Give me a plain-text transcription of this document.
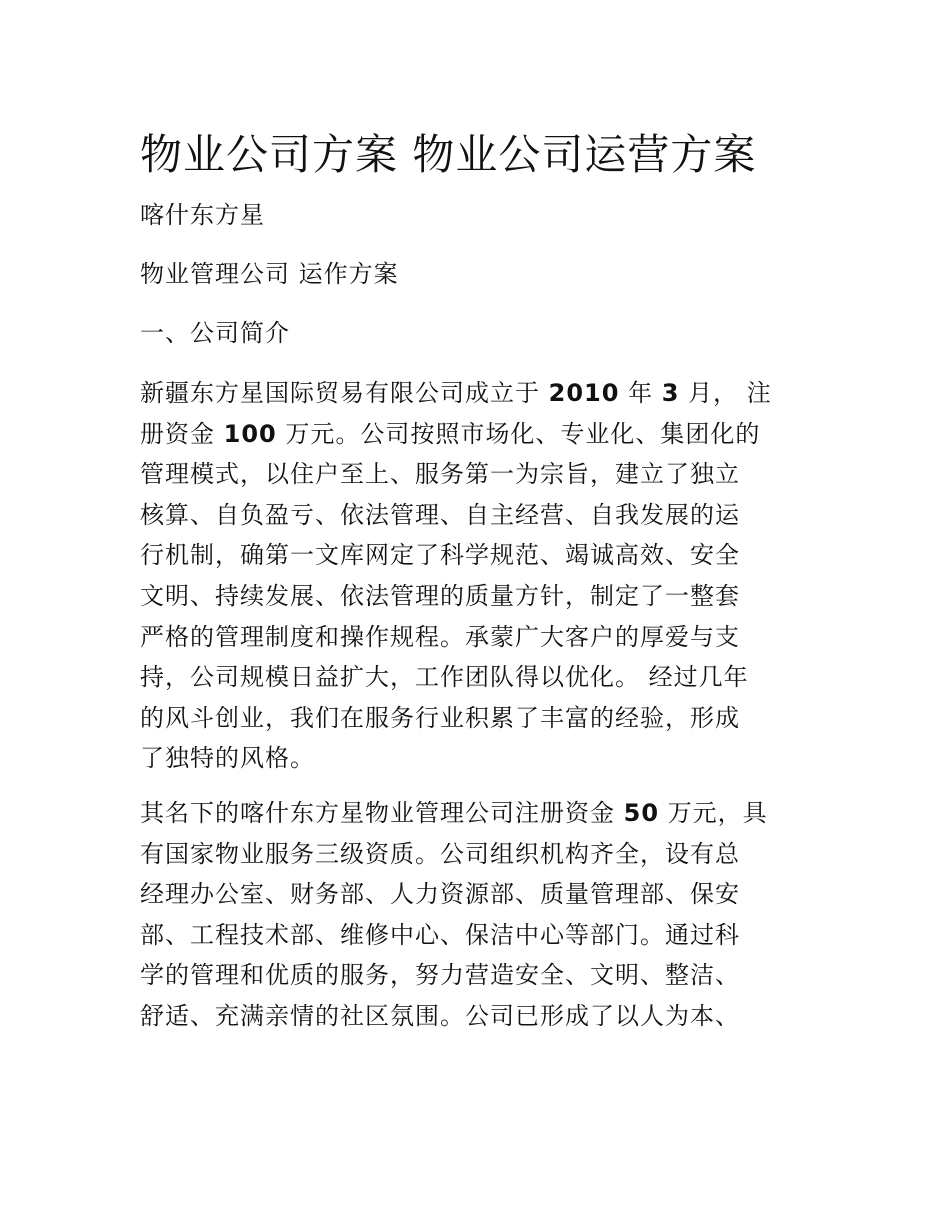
物业公司方案 物业公司运营方案
喀什东方星
物业管理公司 运作方案
一、公司简介
新疆东方星国际贸易有限公司成立于 2010 年 3 月， 注
册资金 100 万元。公司按照市场化、专业化、集团化的
管理模式，以住户至上、服务第一为宗旨，建立了独立
核算、自负盈亏、依法管理、自主经营、自我发展的运
行机制，确第一文库网定了科学规范、竭诚高效、安全
文明、持续发展、依法管理的质量方针，制定了一整套
严格的管理制度和操作规程。承蒙广大客户的厚爱与支
持，公司规模日益扩大，工作团队得以优化。 经过几年
的风斗创业，我们在服务行业积累了丰富的经验，形成
了独特的风格。
其名下的喀什东方星物业管理公司注册资金 50 万元，具
有国家物业服务三级资质。公司组织机构齐全，设有总
经理办公室、财务部、人力资源部、质量管理部、保安
部、工程技术部、维修中心、保洁中心等部门。通过科
学的管理和优质的服务，努力营造安全、文明、整洁、
舒适、充满亲情的社区氛围。公司已形成了以人为本、
